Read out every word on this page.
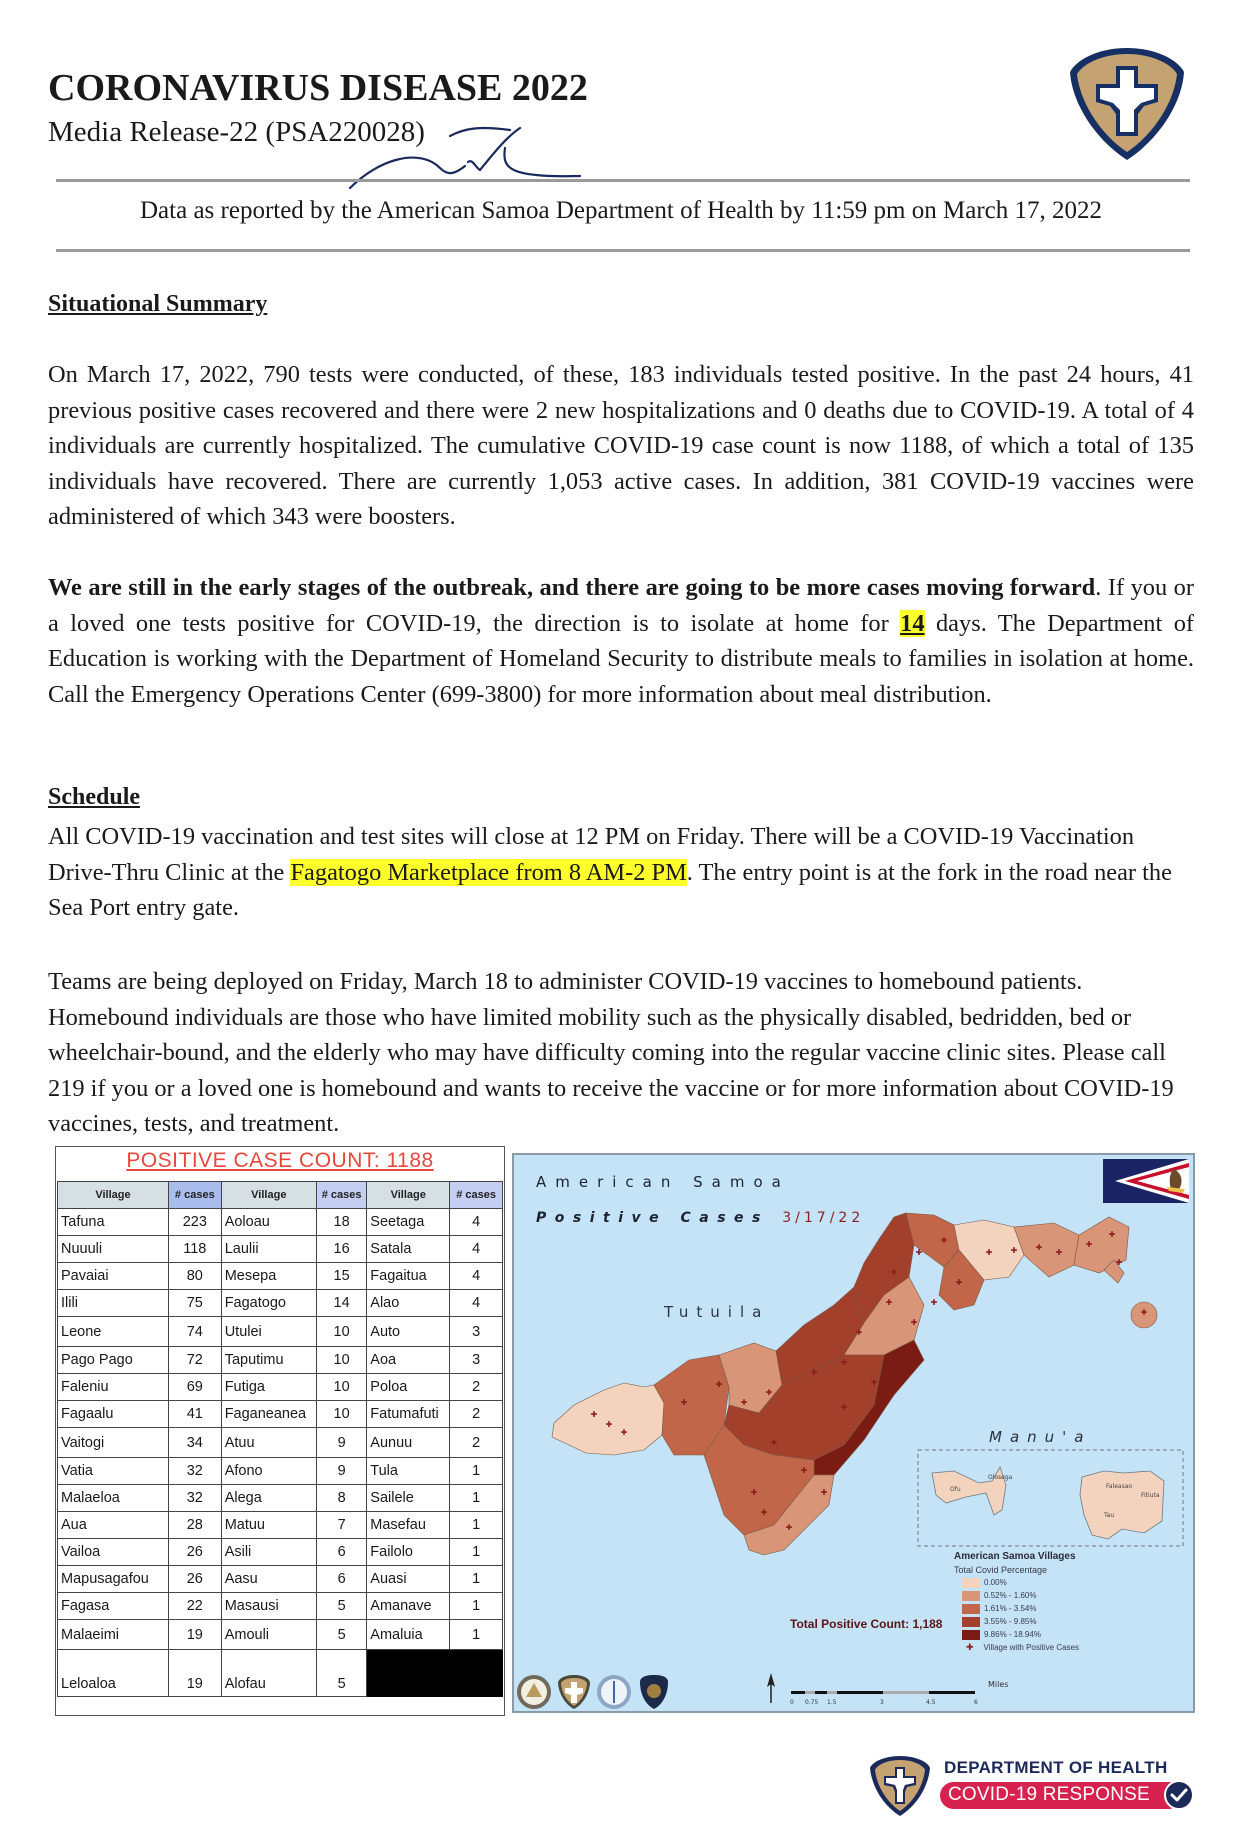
CORONAVIRUS DISEASE 2022
Media Release-22 (PSA220028)
Data as reported by the American Samoa Department of Health by 11:59 pm on March 17, 2022
Situational Summary
On March 17, 2022, 790 tests were conducted, of these, 183 individuals tested positive. In the past 24 hours, 41 previous positive cases recovered and there were 2 new hospitalizations and 0 deaths due to COVID-19. A total of 4 individuals are currently hospitalized. The cumulative COVID-19 case count is now 1188, of which a total of 135 individuals have recovered. There are currently 1,053 active cases. In addition, 381 COVID-19 vaccines were administered of which 343 were boosters.
We are still in the early stages of the outbreak, and there are going to be more cases moving forward. If you or a loved one tests positive for COVID-19, the direction is to isolate at home for 14 days. The Department of Education is working with the Department of Homeland Security to distribute meals to families in isolation at home. Call the Emergency Operations Center (699-3800) for more information about meal distribution.
Schedule
All COVID-19 vaccination and test sites will close at 12 PM on Friday. There will be a COVID-19 Vaccination Drive-Thru Clinic at the Fagatogo Marketplace from 8 AM-2 PM. The entry point is at the fork in the road near the Sea Port entry gate.
Teams are being deployed on Friday, March 18 to administer COVID-19 vaccines to homebound patients. Homebound individuals are those who have limited mobility such as the physically disabled, bedridden, bed or wheelchair-bound, and the elderly who may have difficulty coming into the regular vaccine clinic sites. Please call 219 if you or a loved one is homebound and wants to receive the vaccine or for more information about COVID-19 vaccines, tests, and treatment.
POSITIVE CASE COUNT: 1188
Village	# cases	Village	# cases	Village	# cases
Tafuna	223	Aoloau	18	Seetaga	4
Nuuuli	118	Laulii	16	Satala	4
Pavaiai	80	Mesepa	15	Fagaitua	4
Ilili	75	Fagatogo	14	Alao	4
Leone	74	Utulei	10	Auto	3
Pago Pago	72	Taputimu	10	Aoa	3
Faleniu	69	Futiga	10	Poloa	2
Fagaalu	41	Faganeanea	10	Fatumafuti	2
Vaitogi	34	Atuu	9	Aunuu	2
Vatia	32	Afono	9	Tula	1
Malaeloa	32	Alega	8	Sailele	1
Aua	28	Matuu	7	Masefau	1
Vailoa	26	Asili	6	Failolo	1
Mapusagafou	26	Aasu	6	Auasi	1
Fagasa	22	Masausi	5	Amanave	1
Malaeimi	19	Amouli	5	Amaluia	1
Leloaloa	19	Alofau	5		
✚
✚
✚
✚
✚
✚
✚
✚
✚
✚
✚
✚
✚
✚
✚
✚ ✚ ✚
✚
✚
✚
✚
✚
✚
✚
✚
✚
✚
✚
✚
✚
✚
✚
Ofu
Olosega
Faleasao
Fitiuta
Tau
American Samoa
Positive Cases 3/17/22
Tutuila
Manu'a
Total Positive Count: 1,188
American Samoa Villages
Total Covid Percentage
0.00%
0.52% - 1.60%
1.61% - 3.54%
3.55% - 9.85%
9.86% - 18.94%
✚ Village with Positive Cases
0 0.75 1.5	3	4.5	6
Miles
DEPARTMENT OF HEALTH
COVID-19 RESPONSE
